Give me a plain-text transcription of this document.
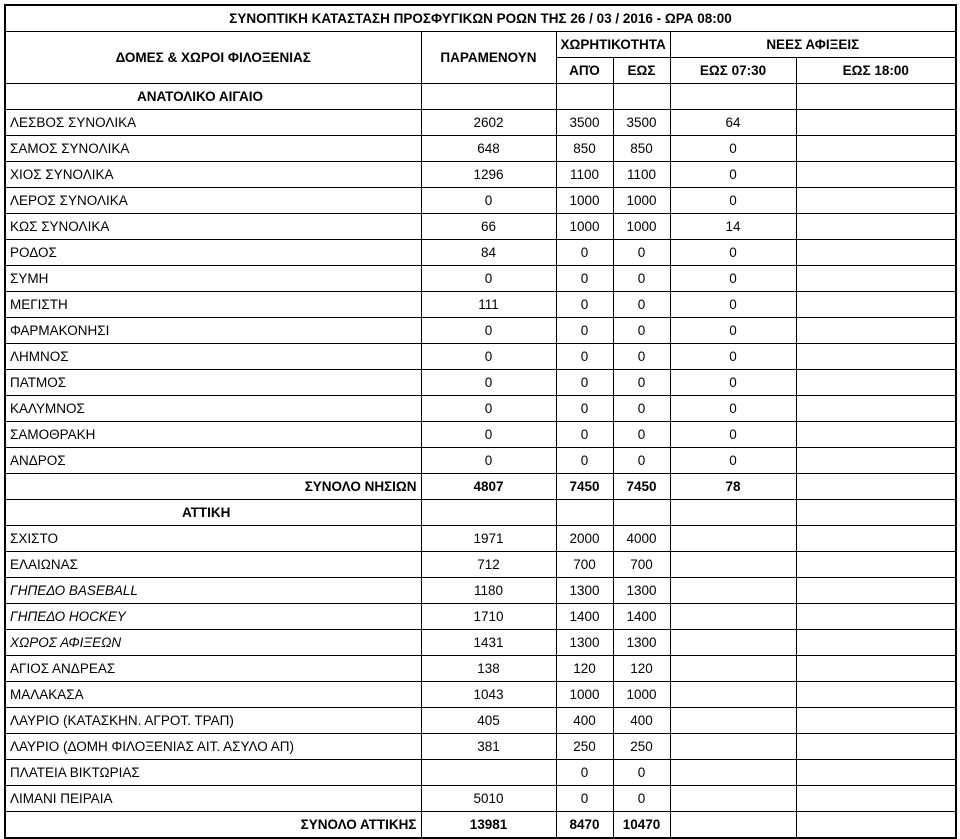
ΣΥΝΟΠΤΙΚΗ ΚΑΤΑΣΤΑΣΗ ΠΡΟΣΦΥΓΙΚΩΝ ΡΟΩΝ ΤΗΣ 26 / 03 / 2016 - ΩΡΑ 08:00					
ΔΟΜΕΣ & ΧΩΡΟΙ ΦΙΛΟΞΕΝΙΑΣ	ΠΑΡΑΜΕΝΟΥΝ	ΧΩΡΗΤΙΚΟΤΗΤΑ		ΝΕΕΣ ΑΦΙΞΕΙΣ	
		ΑΠΌ	ΕΩΣ	ΕΩΣ 07:30	ΕΩΣ 18:00
ΑΝΑΤΟΛΙΚΟ ΑΙΓΑΙΟ					
ΛΕΣΒΟΣ ΣΥΝΟΛΙΚΑ	2602	3500	3500	64	
ΣΑΜΟΣ ΣΥΝΟΛΙΚΑ	648	850	850	0	
ΧΙΟΣ ΣΥΝΟΛΙΚΑ	1296	1100	1100	0	
ΛΕΡΟΣ ΣΥΝΟΛΙΚΑ	0	1000	1000	0	
ΚΩΣ ΣΥΝΟΛΙΚΑ	66	1000	1000	14	
ΡΟΔΟΣ	84	0	0	0	
ΣΥΜΗ	0	0	0	0	
ΜΕΓΙΣΤΗ	111	0	0	0	
ΦΑΡΜΑΚΟΝΗΣΙ	0	0	0	0	
ΛΗΜΝΟΣ	0	0	0	0	
ΠΑΤΜΟΣ	0	0	0	0	
ΚΑΛΥΜΝΟΣ	0	0	0	0	
ΣΑΜΟΘΡΑΚΗ	0	0	0	0	
ΑΝΔΡΟΣ	0	0	0	0	
ΣΥΝΟΛΟ ΝΗΣΙΩΝ	4807	7450	7450	78	
ΑΤΤΙΚΗ					
ΣΧΙΣΤΟ	1971	2000	4000		
ΕΛΑΙΩΝΑΣ	712	700	700		
ΓΗΠΕΔΟ BASEBALL	1180	1300	1300		
ΓΗΠΕΔΟ HOCKEY	1710	1400	1400		
ΧΩΡΟΣ ΑΦΙΞΕΩΝ	1431	1300	1300		
ΑΓΙΟΣ ΑΝΔΡΕΑΣ	138	120	120		
ΜΑΛΑΚΑΣΑ	1043	1000	1000		
ΛΑΥΡΙΟ (ΚΑΤΑΣΚΗΝ. ΑΓΡΟΤ. ΤΡΑΠ)	405	400	400		
ΛΑΥΡΙΟ (ΔΟΜΗ ΦΙΛΟΞΕΝΙΑΣ ΑΙΤ. ΑΣΥΛΟ ΑΠ)	381	250	250		
ΠΛΑΤΕΙΑ ΒΙΚΤΩΡΙΑΣ		0	0		
ΛΙΜΑΝΙ ΠΕΙΡΑΙΑ	5010	0	0		
ΣΥΝΟΛΟ ΑΤΤΙΚΗΣ	13981	8470	10470		
